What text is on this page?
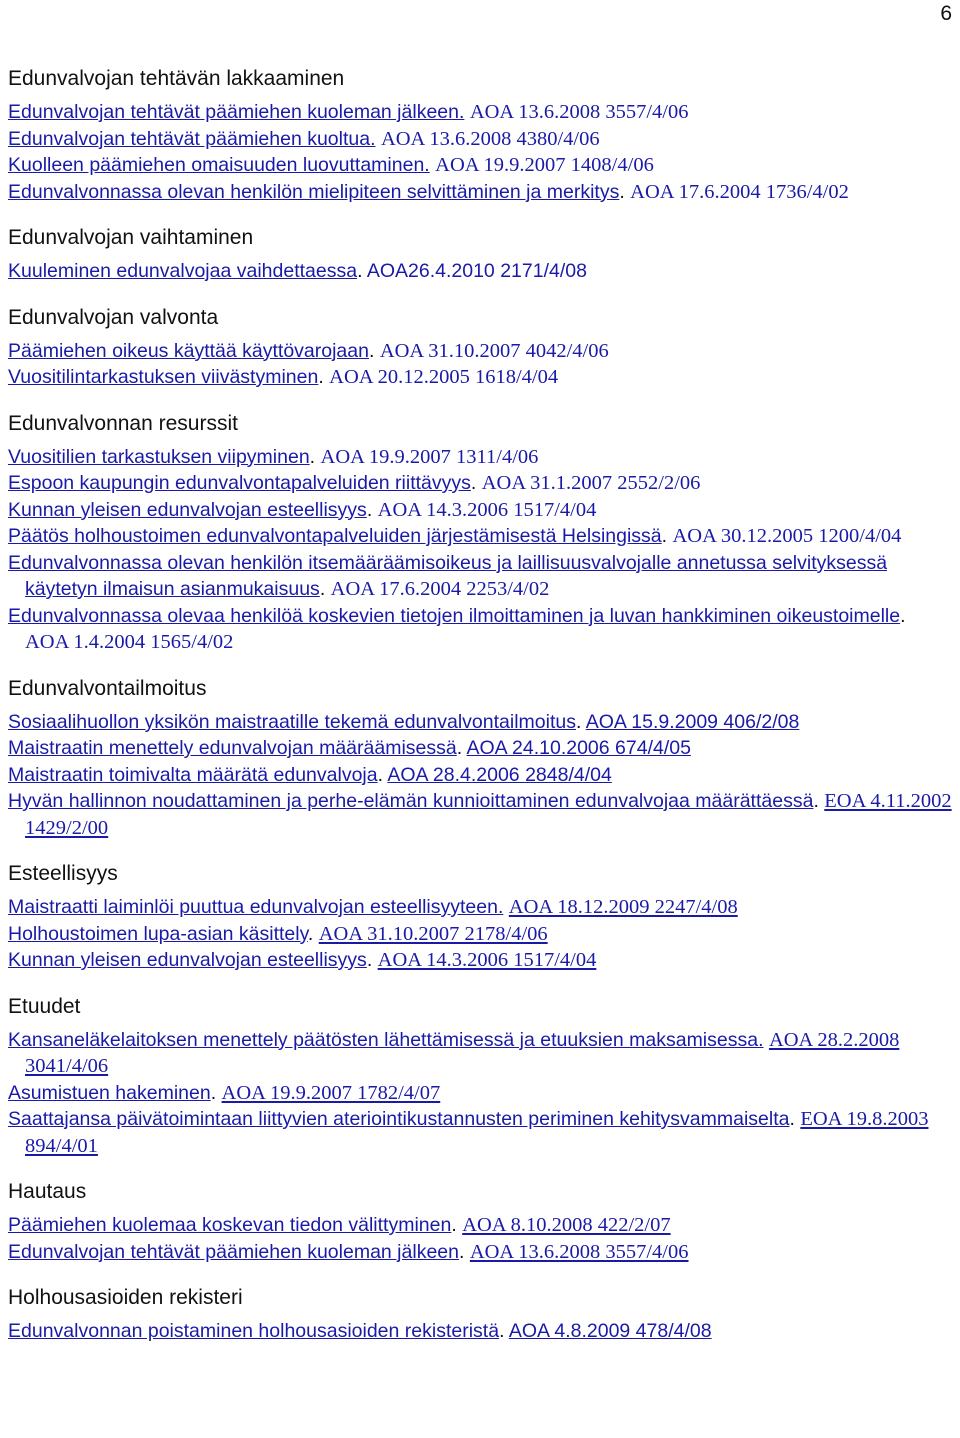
6
Edunvalvojan tehtävän lakkaaminen
Edunvalvojan tehtävät päämiehen kuoleman jälkeen. AOA 13.6.2008 3557/4/06
Edunvalvojan tehtävät päämiehen kuoltua. AOA 13.6.2008 4380/4/06
Kuolleen päämiehen omaisuuden luovuttaminen. AOA 19.9.2007 1408/4/06
Edunvalvonnassa olevan henkilön mielipiteen selvittäminen ja merkitys. AOA 17.6.2004 1736/4/02
Edunvalvojan vaihtaminen
Kuuleminen edunvalvojaa vaihdettaessa. AOA26.4.2010 2171/4/08
Edunvalvojan valvonta
Päämiehen oikeus käyttää käyttövarojaan. AOA 31.10.2007 4042/4/06
Vuositilintarkastuksen viivästyminen. AOA 20.12.2005 1618/4/04
Edunvalvonnan resurssit
Vuositilien tarkastuksen viipyminen. AOA 19.9.2007 1311/4/06
Espoon kaupungin edunvalvontapalveluiden riittävyys. AOA 31.1.2007 2552/2/06
Kunnan yleisen edunvalvojan esteellisyys. AOA 14.3.2006 1517/4/04
Päätös holhoustoimen edunvalvontapalveluiden järjestämisestä Helsingissä. AOA 30.12.2005 1200/4/04
Edunvalvonnassa olevan henkilön itsemääräämisoikeus ja laillisuusvalvojalle annetussa selvityksessä käytetyn ilmaisun asianmukaisuus. AOA 17.6.2004 2253/4/02
Edunvalvonnassa olevaa henkilöä koskevien tietojen ilmoittaminen ja luvan hankkiminen oikeustoimelle. AOA 1.4.2004 1565/4/02
Edunvalvontailmoitus
Sosiaalihuollon yksikön maistraatille tekemä edunvalvontailmoitus. AOA 15.9.2009 406/2/08
Maistraatin menettely edunvalvojan määräämisessä. AOA 24.10.2006 674/4/05
Maistraatin toimivalta määrätä edunvalvoja. AOA 28.4.2006 2848/4/04
Hyvän hallinnon noudattaminen ja perhe-elämän kunnioittaminen edunvalvojaa määrättäessä. EOA 4.11.2002 1429/2/00
Esteellisyys
Maistraatti laiminlöi puuttua edunvalvojan esteellisyyteen. AOA 18.12.2009 2247/4/08
Holhoustoimen lupa-asian käsittely. AOA 31.10.2007 2178/4/06
Kunnan yleisen edunvalvojan esteellisyys. AOA 14.3.2006 1517/4/04
Etuudet
Kansaneläkelaitoksen menettely päätösten lähettämisessä ja etuuksien maksamisessa. AOA 28.2.2008 3041/4/06
Asumistuen hakeminen. AOA 19.9.2007 1782/4/07
Saattajansa päivätoimintaan liittyvien ateriointikustannusten periminen kehitysvammaiselta. EOA 19.8.2003 894/4/01
Hautaus
Päämiehen kuolemaa koskevan tiedon välittyminen. AOA 8.10.2008 422/2/07
Edunvalvojan tehtävät päämiehen kuoleman jälkeen. AOA 13.6.2008 3557/4/06
Holhousasioiden rekisteri
Edunvalvonnan poistaminen holhousasioiden rekisteristä. AOA 4.8.2009 478/4/08
